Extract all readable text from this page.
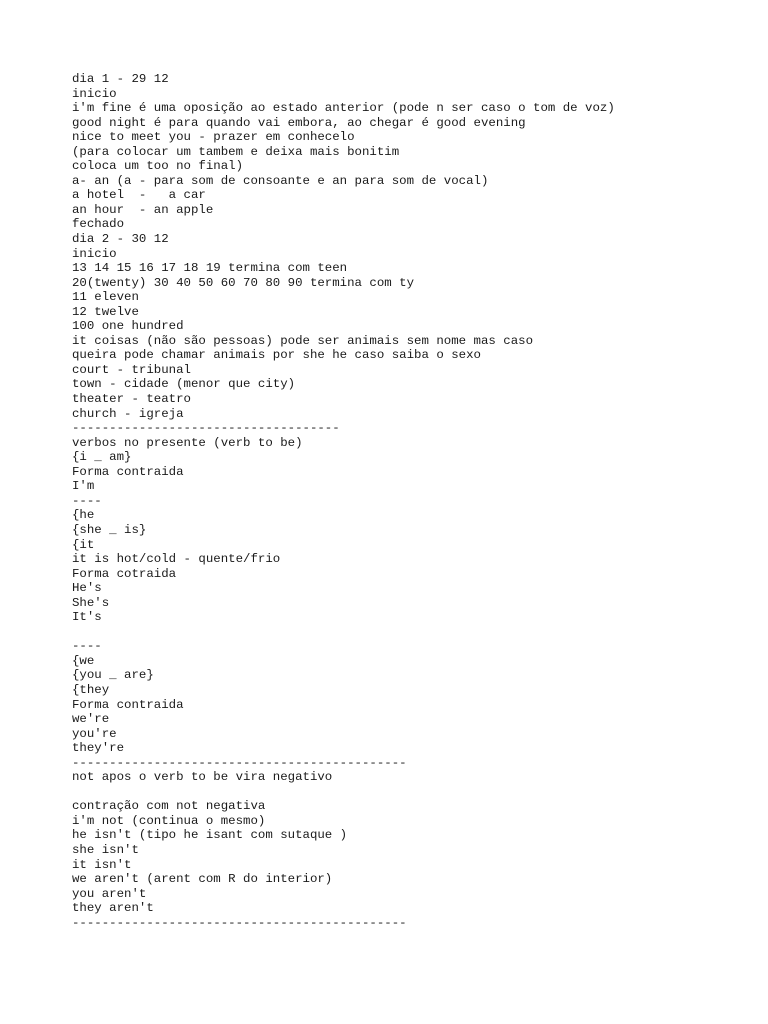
dia 1 - 29 12
inicio
i'm fine é uma oposição ao estado anterior (pode n ser caso o tom de voz)
good night é para quando vai embora, ao chegar é good evening
nice to meet you - prazer em conhecelo
(para colocar um tambem e deixa mais bonitim
coloca um too no final)
a- an (a - para som de consoante e an para som de vocal)
a hotel  -   a car
an hour  - an apple
fechado
dia 2 - 30 12
inicio
13 14 15 16 17 18 19 termina com teen
20(twenty) 30 40 50 60 70 80 90 termina com ty
11 eleven
12 twelve
100 one hundred
it coisas (não são pessoas) pode ser animais sem nome mas caso
queira pode chamar animais por she he caso saiba o sexo
court - tribunal
town - cidade (menor que city)
theater - teatro
church - igreja
------------------------------------
verbos no presente (verb to be)
{i _ am}
Forma contraida
I'm
----
{he
{she _ is}
{it
it is hot/cold - quente/frio
Forma cotraida
He's
She's
It's
----
{we
{you _ are}
{they
Forma contraida
we're
you're
they're
---------------------------------------------
not apos o verb to be vira negativo
contração com not negativa
i'm not (continua o mesmo)
he isn't (tipo he isant com sutaque )
she isn't
it isn't
we aren't (arent com R do interior)
you aren't
they aren't
---------------------------------------------
